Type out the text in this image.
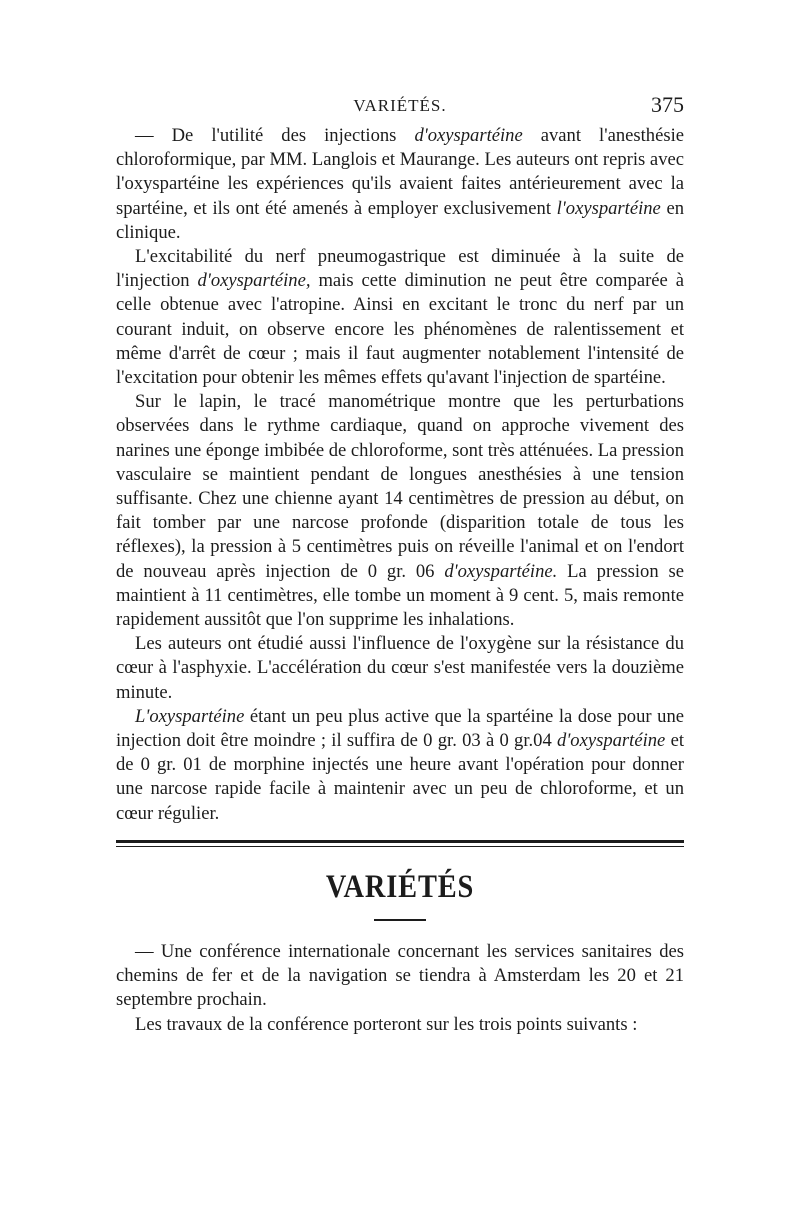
VARIÉTÉS.	375

— De l'utilité des injections d'oxyspartéine avant l'anesthésie chloroformique, par MM. Langlois et Maurange. Les auteurs ont repris avec l'oxyspartéine les expériences qu'ils avaient faites antérieurement avec la spartéine, et ils ont été amenés à employer exclusivement l'oxyspartéine en clinique.

L'excitabilité du nerf pneumogastrique est diminuée à la suite de l'injection d'oxyspartéine, mais cette diminution ne peut être comparée à celle obtenue avec l'atropine. Ainsi en excitant le tronc du nerf par un courant induit, on observe encore les phénomènes de ralentissement et même d'arrêt de cœur ; mais il faut augmenter notablement l'intensité de l'excitation pour obtenir les mêmes effets qu'avant l'injection de spartéine.

Sur le lapin, le tracé manométrique montre que les perturbations observées dans le rythme cardiaque, quand on approche vivement des narines une éponge imbibée de chloroforme, sont très atténuées. La pression vasculaire se maintient pendant de longues anesthésies à une tension suffisante. Chez une chienne ayant 14 centimètres de pression au début, on fait tomber par une narcose profonde (disparition totale de tous les réflexes), la pression à 5 centimètres puis on réveille l'animal et on l'endort de nouveau après injection de 0 gr. 06 d'oxyspartéine. La pression se maintient à 11 centimètres, elle tombe un moment à 9 cent. 5, mais remonte rapidement aussitôt que l'on supprime les inhalations.

Les auteurs ont étudié aussi l'influence de l'oxygène sur la résistance du cœur à l'asphyxie. L'accélération du cœur s'est manifestée vers la douzième minute.

L'oxyspartéine étant un peu plus active que la spartéine la dose pour une injection doit être moindre ; il suffira de 0 gr. 03 à 0 gr.04 d'oxyspartéine et de 0 gr. 01 de morphine injectés une heure avant l'opération pour donner une narcose rapide facile à maintenir avec un peu de chloroforme, et un cœur régulier.

VARIÉTÉS

— Une conférence internationale concernant les services sanitaires des chemins de fer et de la navigation se tiendra à Amsterdam les 20 et 21 septembre prochain.

Les travaux de la conférence porteront sur les trois points suivants :
